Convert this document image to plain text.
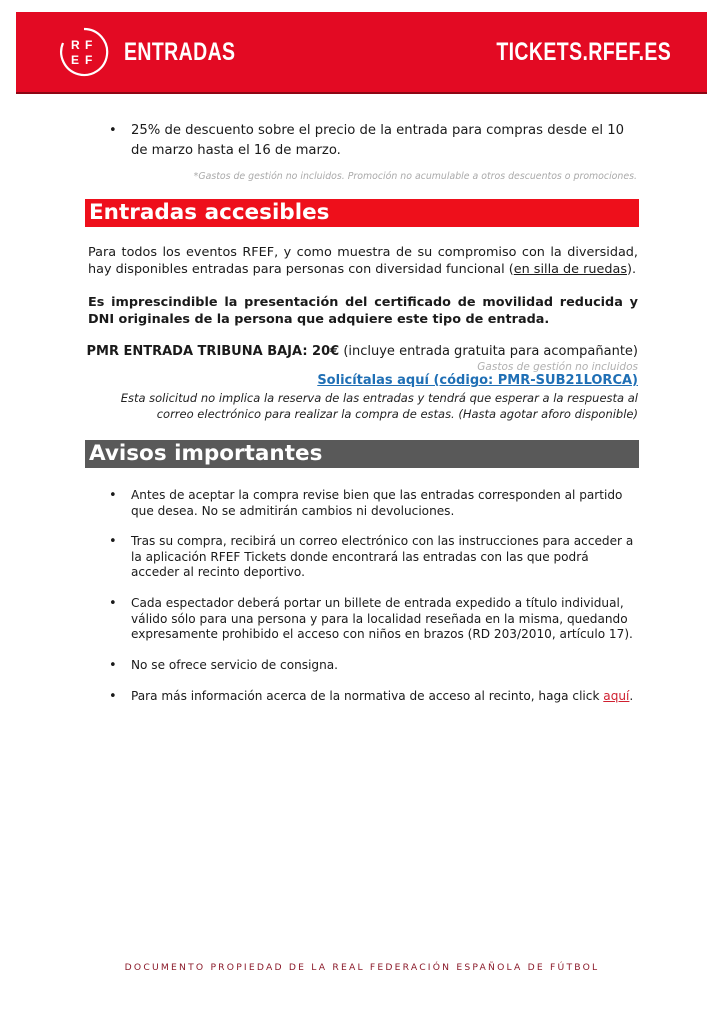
R F
E F ENTRADAS	TICKETS.RFEF.ES
• 25% de descuento sobre el precio de la entrada para compras desde el 10 de marzo hasta el 16 de marzo.
*Gastos de gestión no incluidos. Promoción no acumulable a otros descuentos o promociones.
Entradas accesibles
Para todos los eventos RFEF, y como muestra de su compromiso con la diversidad, hay disponibles entradas para personas con diversidad funcional (en silla de ruedas).
Es imprescindible la presentación del certificado de movilidad reducida y DNI originales de la persona que adquiere este tipo de entrada.
PMR ENTRADA TRIBUNA BAJA: 20€ (incluye entrada gratuita para acompañante)
Gastos de gestión no incluidos
Solicítalas aquí (código: PMR-SUB21LORCA)
Esta solicitud no implica la reserva de las entradas y tendrá que esperar a la respuesta al correo electrónico para realizar la compra de estas. (Hasta agotar aforo disponible)
Avisos importantes
• Antes de aceptar la compra revise bien que las entradas corresponden al partido que desea. No se admitirán cambios ni devoluciones.
• Tras su compra, recibirá un correo electrónico con las instrucciones para acceder a la aplicación RFEF Tickets donde encontrará las entradas con las que podrá acceder al recinto deportivo.
• Cada espectador deberá portar un billete de entrada expedido a título individual, válido sólo para una persona y para la localidad reseñada en la misma, quedando expresamente prohibido el acceso con niños en brazos (RD 203/2010, artículo 17).
• No se ofrece servicio de consigna.
• Para más información acerca de la normativa de acceso al recinto, haga click aquí.
DOCUMENTO PROPIEDAD DE LA REAL FEDERACIÓN ESPAÑOLA DE FÚTBOL
